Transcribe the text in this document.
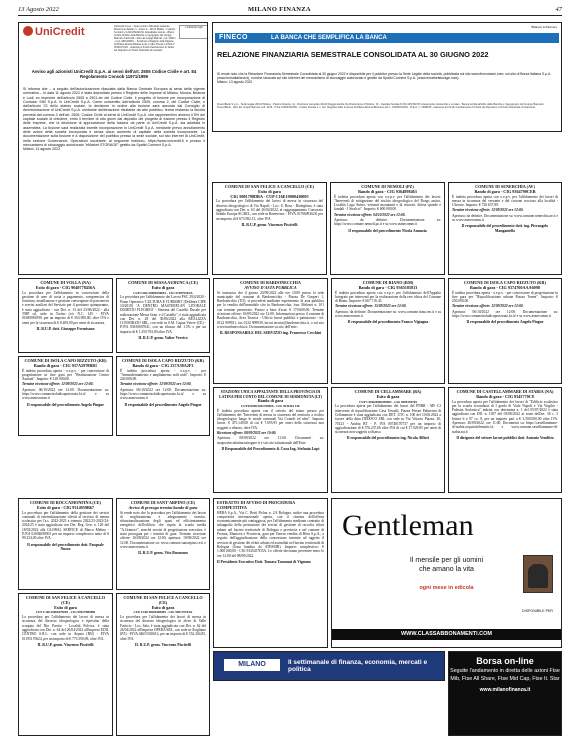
13 Agosto 2022	MILANO FINANZA	47
UniCredit	UniCredit S.p.A. - Sede sociale e Direzione Generale: Piazza Gae Aulenti, 3 - Tower A - 20154 Milano - Capitale Sociale € 21.220.169.840,50, interamente versato - Banca iscritta all'Albo delle Banche e Capogruppo del Gruppo Bancario UniCredit - Albo dei Gruppi Bancari: cod. 2008.1 - Cod. ABI 02008.1 - Iscrizione al Registro delle Imprese di Milano-Monza-Brianza-Lodi, Codice Fiscale e P.IVA n° 00348170101 - Aderente al Fondo Interbancario di Tutela dei Depositi e al Fondo Nazionale di Garanzia.
Lombardia loghi
Avviso agli azionisti UniCredit S.p.A. ai sensi dell'art. 2505 Codice Civile e art. 84 Regolamento Consob 11971/1999
Si informa che – a seguito dell'autorizzazione rilasciata dalla Banca Centrale Europea ai sensi della vigente normativa – in data 11 agosto 2022 è stato depositato presso il Registro delle Imprese di Milano, Monza, Brianza e Lodi, ex impronte dell'articolo 2505 e 2501-ter del Codice Civile, il progetto di fusione per incorporazione di Cordusio SIM S.p.A. in UniCredit S.p.A. Come consentito dall'articolo 2505, comma 2, del Codice Civile, e dall'articolo 23 dello statuto sociale, la decisione in ordine alla fusione sarà assunta dal Consiglio di Amministrazione di UniCredit S.p.A. mediante deliberazione risultante da atto pubblico, ferma restando la facoltà prevista dal comma 3 dell'art. 2505, Codice Civile ai sensi di UniCredit S.p.A. che rappresentino almeno il 5% del capitale sociale di chiedere, entro il termine di otto giorni dal deposito del progetto di fusione presso il Registro delle Imprese, che la decisione di approvazione della fusione da parte di UniCredit S.p.A. sia adottata in assemblea. La fusione sarà realizzata tramite incorporazione in UniCredit S.p.A. mediante previo annullamento delle azioni della società incorporata e senza alcun aumento di capitale della società incorporante. La documentazione sulla fusione è a disposizione del pubblico presso la sede sociale, sul sito internet di UniCredit, nella sezione Governance, Operazioni societarie, al seguente indirizzo, https://www.unicredit.it e presso il meccanismo di stoccaggio autorizzato "eMarket STORAGE" gestito da Spafid Connect S.p.A.
Milano, 11 agosto 2022
Bilancio & Partners
FINECO	LA BANCA CHE SEMPLIFICA LA BANCA
RELAZIONE FINANZIARIA SEMESTRALE CONSOLIDATA AL 30 GIUGNO 2022
Si rende noto che la Relazione Finanziaria Semestrale Consolidata al 30 giugno 2022 è disponibile per il pubblico presso la Sede Legale della società, pubblicata sul sito www.finecobank.com; sul sito di Borsa Italiana S.p.A. (www.borsaitaliana.it), nonché stoccata sul sito Internet del meccanismo di stoccaggio autorizzato e gestito da Spafid Connect S.p.A. (www.emarketstorage.com).
Milano, 13 agosto 2022
FinecoBank S.p.A. - Sede legale 20123 Milano - Piazza Durante, 11 - Direzione Generale 42123 Reggio Emilia Via Rivoluzione d'Ottobre, 16 - Capitale Sociale € 201.339.562,56 interamente sottoscritto e versato - Banca iscritta all'Albo delle Banche e Capogruppo del Gruppo Bancario FinecoBank - Albo dei Gruppi Bancari cod. 3015 - P.Iva 12962340159 - Codice Fiscale e n. iscr. Registro delle Imprese di Milano-Monza-Brianza-Lodi n. 01392970404 - R.E.A. n. 1598155 - Aderente al Fondo Interbancario di Tutela dei Depositi e al Fondo Nazionale di Garanzia.
COMUNE DI SAN FELICE A CANCELLO (CE)
Esito di gara
CIG 9001798DBA - CUP C16E19000430005

La procedura per l'affidamento dei lavori di messa in sicurezza del dissesto idrogeologico di Via Napoli - Loc. S. Rosa - Botteghino, è stata aggiudicata con Det. n. 63 del 26/04/2022, al raggruppamento Consorzio Stabile Europa SCARL, con sede in Benevento - P.IVA 01766093628, per un importo di € 673.982,13, oltre IVA.

IL R.U.P. geom. Vincenzo Piscitelli
COMUNE DI NEMOLI (PZ)
Bando di gara - CIG 9364898463

È indetta procedura aperta con o.e.p.v. per l'affidamento dei lavori: "Interventi di mitigazione del rischio idrogeologico del Borgo antico, Località Lago Sirino, versanti mountanti e di ristorati, difesa sponde e fondali - I Stralcio". Importo: € 600.000,00.

Termine ricezione offerte: 04/10/2022 ore 12:00.

Apertura: da definire. Documentazione su: https://www.comune.nemoli.pz.it e su www.asmecomm.it

Il responsabile del procedimento Nicola Annuzia
COMUNE DI SENERCHIA (AV)
Bando di gara - CIG 9364790CEB

È indetta procedura aperta con o.e.p.v. per l'affidamento dei lavori di messa in sicurezza del versante e del costone roccioso alla località - Ultrosio. Importo: € 720.657,89.

Termine ricezione offerte: 12/09/2022 ore 12:00.

Apertura: da definire. Documentazione su: www.comune.senerchia.av.it e su www.asmecomm.it

Il responsabile del procedimento dott. ing. Pierangelo Manganiello
COMUNE DI VOLLA (NA)
Esito di gara - CIG 9040778456A

La procedura per l'affidamento in concessione della gestione di aree di sosta a pagamento, comprensiva di fornitura, installazione e gestione convergente di parcometri e servizi ausiliari del Servizio per il prossimo quinquennio, è stata aggiudicata - con Det. n. 13 del 23/06/2022 - alla TMP srl, sede in Torino (c/o N.C. 145 - P.IVA 01690081090, per un importo di € 563.900,00, oltre IVA e oneri per la sicurezza di € 8.400,00 per oneri di sicurezza.

IL R.U.P. dott. Giuseppe Formisano
COMUNE DI SESSA AURUNCA (CE)
Esito di gara
CUP G36G18000290001 - CIG 9198795E4A

La procedura per l'affidamento dei Lavori PSC 29/4/2020 - Piano Operativo 'CULTURA E TURISMO' (Delibera CIPE 10/2018) 'A DENTRO MASTERPLAN LITORALE DOMITIO FLEGREO' - Sistema del Castello Ducale per realizzazione Messa Gran. e il Castello", è stata aggiudicata con Det. n. 28 del 30/06/2022 alla REALIZZA CONSORZIO SRL, con sede in S.M. Capua Vetere (CE) - P.IVA 03610607641, con un ribasso del 1,5% e per un importo di € 1.350.763,00 oltre IVA.

IL R.U.P. geom. Valter Verrico
COMUNE DI BARDONECCHIA
AVVISO D'ASTA PUBBLICA

Si comunica che il giorno 20/09/2022 alle ore 10.00 presso la sede municipale del comune di Bardonecchia - Piazza De Gasperi 1, Bardonecchia (TO), si procederà mediante esperimento di asta pubblica per la vendita dell'immobile sito in Bardonecchia, fraz. Melezet n. 101 con termine perentorio. Prezzo a base d'asta: € 170.600,00. Termine ricezione offerte: 16/09/2022 ore 12:00. Informazioni presso il comune di Bardonecchia, Area Tecnica - Ufficio lavori pubblici e patrimonio - tel. 0122 909931, fax 0122 909939, lavori.tecnici@bardonecchia.it, o sul sito www.bardonecchia.it. Documentazione su sito dell'ente.

IL RESPONSABILE DEL SERVIZIO ing. Francesco Cecchini
COMUNE DI RIANO (RM)
Bando di gara - CIG 9365185813

È indetta procedura aperta con o.e.p.v. per l'affidamento dell'Appalto Integrato per interventi per la realizzazione della rete idrica del Comune di Riano. Importo: € 667.716,43.

Termine ricezione offerte: 15/09/2022 ore 12:00.

Apertura: da definire. Documentazione su: www.comune.riano.rm.it e su www.asmecomm.it

Il responsabile del procedimento Franco Vigiagna
COMUNE DI ISOLA CAPO RIZZUTO (KR)
Bando di gara - CIG 9374760AAA6098

È indetta procedura aperta - o.e.p.v. - per concessione di progettazione in fine gara per "Riqualificazione urbana Piazza Terme". Importo: € 250.000,00.

Termine ricezione offerte: 12/09/2022 ore 12:00.

Apertura: 06/10/2022 ore 12:00. Documentazione su: https://www.comuneisoladicaporizzuto.kr.it/ e su www.asmecomm.it

Il responsabile del procedimento Angelo Pingue
COMUNE DI ISOLA CAPO RIZZUTO (KR)
Bando di gara - CIG 937A5978BB1

È indetta procedura aperta - o.e.p.v. - per concessione di progettazione in fine gara per "Realizzazione Centro Anziani". Importo: € 120.000,00.

Termine ricezione offerte: 12/09/2022 ore 12:00.

Apertura: 06/10/2022 ore 12:00. Documentazione su: https://www.comuneisoladicaporizzuto.kr.it/ e su www.asmecomm.it

Il responsabile del procedimento Angelo Pingue
COMUNE DI ISOLA CAPO RIZZUTO (KR)
Bando di gara - CIG 237A58A2F3

È indetta procedura aperta - o.e.p.v. - per "Ammodernamento e ampliamento asili nido". Importo: € 240.000,00.

Termine ricezione offerte: 12/09/2022 ore 12:00.

Apertura: 06/10/2022 ore 12:00. Documentazione su: https://www.comuneisoladicaporizzuto.kr.it/ e su www.asmecomm.it

Il responsabile del procedimento Angelo Pingue
STAZIONE UNICA APPALTANTE DELLA PROVINCIA DI LATINA PER CONTO DEL COMUNE DI SERMONETA (LT)
Bando di gara
CUP H16B21001700006 - CIG 9344416 15F

È indetta procedura aperta con il criterio del minor prezzo per l'affidamento dei "Interventi di messa in sicurezza del territorio a rischio idrogeologico lungo le strade comunali Via Cotardi ed altre". Importo lavori: € 475.149,00 di cui € 7.695,95 per oneri della sicurezza non soggetti a ribasso, oltre IVA.

Ricezione offerte: 08/09/2022 ore 10:00.

Apertura: 08/09/2022 ore 11:00. Documenti su: suaprovincialatina.tuttogare.it e sul sito istituzionale dell'Ente.

Il Responsabile del Procedimento & Cura Ing. Stefania Lupi
COMUNE DI CELLAMMARE (BA)
Esito di gara
CUP C36D20000450002 - CIG 9098194765

La procedura aperta per l'affidamento dei lavori del PNRR - M5 C2 intervento di riqualificazione Casa Tessalli, Piazza Ferrari Palmerini di Cellammare è stata aggiudicata con DET. UTC n. 100 del 10.06.2022 a favore della ditta DEDOCO SRL con sede in Via Vittorio Piazza, 20, 70123 - Andria BT - P. IVA 00748170737 per un importo di aggiudicazione di € 576.237,66 oltre IVA di cui € 17.029,85 per oneri di sicurezza non soggetti a ribasso.

Il responsabile del procedimento ing. Nicola Alfieri
COMUNE DI CASTELLAMMARE DI STABIA (NA)
Bando di gara - CIG 9345770C8

La procedura aperta per l'affidamento dei lavori di "Edificio scolastico per la scuola secondaria di I grado di Viale Napoli e Via Virgilio - Palestra Scolastica" indetta con determina n. 1 del 05/07/2022 è stata aggiudicata con DD. n. 1057 del 03/08/2022 ai sensi dell'art. 36 c. 2 lettera b e 97 co. 8, per un importo pari a € 3.500.000,00 oltre IVA. Apertura: 26/09/2022, ore 11:00. Documenti su: https://castellammare-di-stabia.acquistitelematici.it e www.comune.castellammare-di-stabia.na.it

Il dirigente del settore lavori pubblici dott. Antonio Venditto
COMUNE DI ROCCAMONFINA (CE)
Esito di gara - CIG 9314959B67

La procedura per l'affidamento della gestione dei servizi comunali di esternalizzazione riferiti al servizio di mensa scolastica per l'a.s. 2022-2023 e triennio 2022/23-2023/24-2024/25 è stata aggiudicata con Det. Reg. Gen. n. 120 del 18/03/2022 alla GLOBAL SERVICE di Marco Melino - P.IVA 02694690901 per un importo complessivo netto di € 99.234,00 oltre IVA.

Il responsabile del procedimento dott. Pasquale Nuzzo
COMUNE DI SANT'ARPINO (CE)
Avviso di proroga termini bando di gara

Si rende noto che la procedura per l'affidamento dei lavori di miglioramento e adeguamento sismico, rifunzionalizzazione degli spazi ed efficientamento energetico dell'edificio che ospita la scuola media "A.Gramsci", nonché servizi di progettazione esecutiva, è stata prorogata per i termini di gara. Termine ricezione offerte: 16/08/2022 ore 12:00, apertura: 19/08/2022 ore 12:00. Documentazione su: www.comune.santarpino.ce.it e www.asmecomm.it

IL R.U.P. geom. Vito Buonomo
ESTRATTO DI AVVISO DI PROCEDURA COMPETITIVA

HERA S.p.A., Via C. Berti Pichat n. 2/4 Bologna, indice una procedura competitiva internazionale aperta, con il sistema dell'offerta economicamente più vantaggiosa, per l'affidamento mediante contratto di subappalto della prestazione dei servizi di gestione di raccolta rifiuti urbani nel bacino territoriale di Bologna e provincia e nel comune di Ferrara, Mantova e Provincia, gara per l'intera vendita di Hera S.p.A., a seguito dell'aggiudicazione della concessione inerente ad oggetto il servizio di gestione dei rifiuti urbani ed assimilati nel bacino territoriale di Bologna (Gara bandita da ATERSIR). Importo complessivo: € 1.000.000,00 - CIG 9345457D3A. Le offerte dovranno pervenire entro le ore 12:00 del 08/09/2022.

Il Presidente Esecutivo Dott. Tomaso Tommasi di Vignano
Gentleman
Il mensile per gli uomini
che amano la vita
ogni mese in edicola
DISPONIBILE PER
WWW.CLASSABBONAMENTI.COM
COMUNE DI SAN FELICE A CANCELLO (CE)
Esito di gara
CUP C16E19000470005 - CIG 900179B0BD

La procedura per l'affidamento dei lavori di messa in sicurezza del dissesto idrogeologico e ripristino della scarpata del Rio Parrito - Località Polvica, è stata aggiudicata con Det. n. 64 del 26/04/2022 all'impresa EDIL CENTRO S.R.L. con sede in Arpaia (BN) - P.IVA 01195170624, per un importo di € 773.590,08, oltre IVA.

IL R.U.P. geom. Vincenzo Piscitelli
COMUNE DI SAN FELICE A CANCELLO (CE)
Esito di gara
CUP C16E19000460005 - CIG 9001797FAF

La procedura per l'affidamento dei lavori di messa in sicurezza del dissesto idrogeologico in alveo di Valle Fatiscio - Loc. Sala, è stata aggiudicata con Det. n. 62 del 26/04/2022 all'impresa OPERA SRL, con sede in Avigliano (PZ) - P.IVA 04653330612, per un importo di € 552.204,85, oltre IVA.

IL R.U.P. geom. Vincenzo Piscitelli
MILANO FINANZA
Il settimanale di finanza, economia, mercati e politica
Borsa on-line
Seguite l'andamento in diretta delle azioni Ftse Mib, Ftse All Share, Ftse Mid Cap, Ftse It. Star
www.milanofinanza.it
